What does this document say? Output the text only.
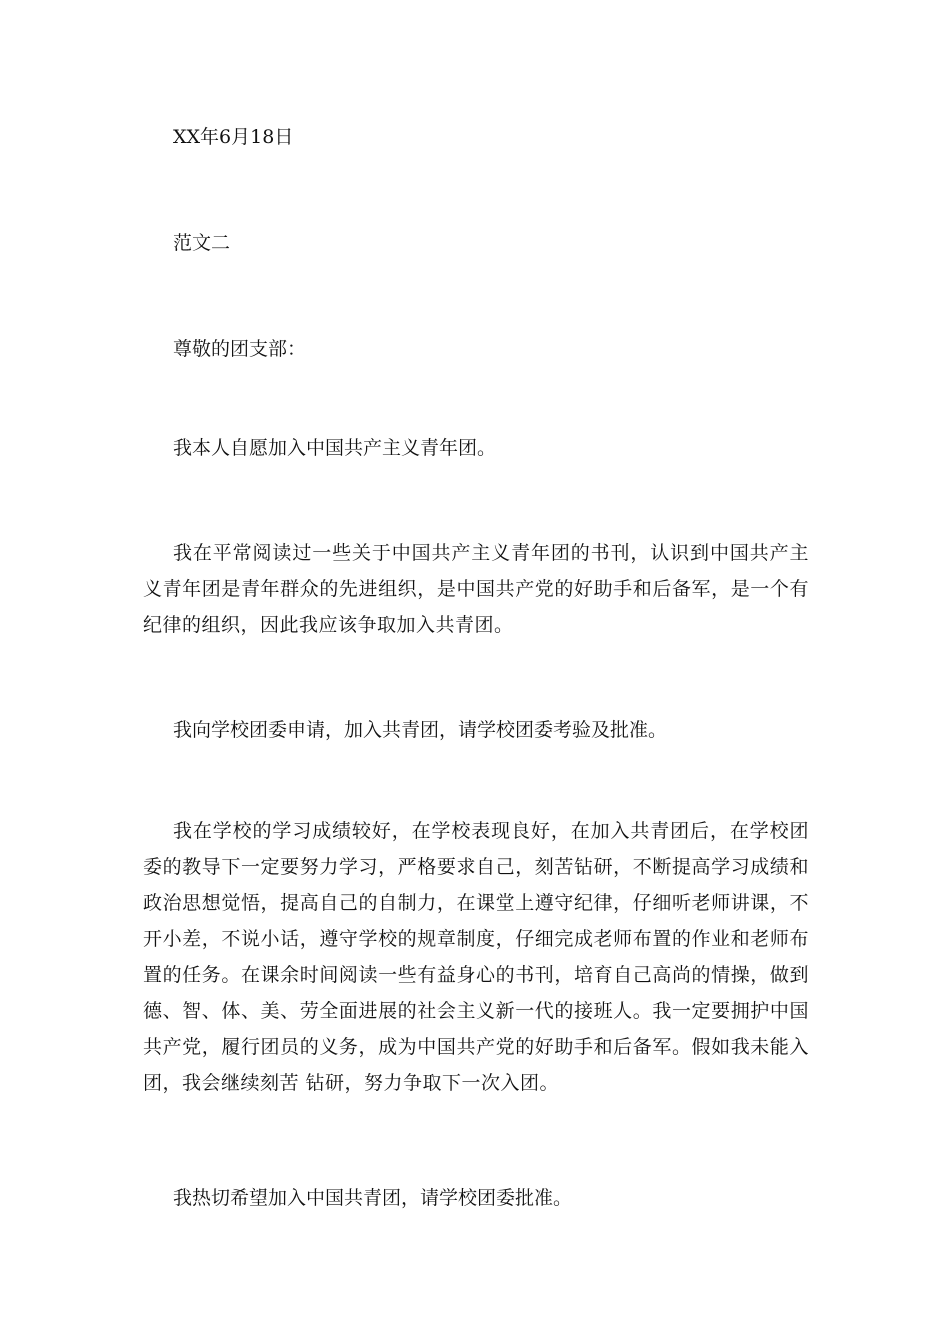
XX年6月18日

范文二

尊敬的团支部：

我本人自愿加入中国共产主义青年团。

我在平常阅读过一些关于中国共产主义青年团的书刊，认识到中国共产主义青年团是青年群众的先进组织，是中国共产党的好助手和后备军，是一个有纪律的组织，因此我应该争取加入共青团。

我向学校团委申请，加入共青团，请学校团委考验及批准。

我在学校的学习成绩较好，在学校表现良好，在加入共青团后，在学校团委的教导下一定要努力学习，严格要求自己，刻苦钻研，不断提高学习成绩和政治思想觉悟，提高自己的自制力，在课堂上遵守纪律，仔细听老师讲课，不开小差，不说小话，遵守学校的规章制度，仔细完成老师布置的作业和老师布置的任务。在课余时间阅读一些有益身心的书刊，培育自己高尚的情操，做到德、智、体、美、劳全面进展的社会主义新一代的接班人。我一定要拥护中国共产党，履行团员的义务，成为中国共产党的好助手和后备军。假如我未能入团，我会继续刻苦 钻研，努力争取下一次入团。

我热切希望加入中国共青团，请学校团委批准。
